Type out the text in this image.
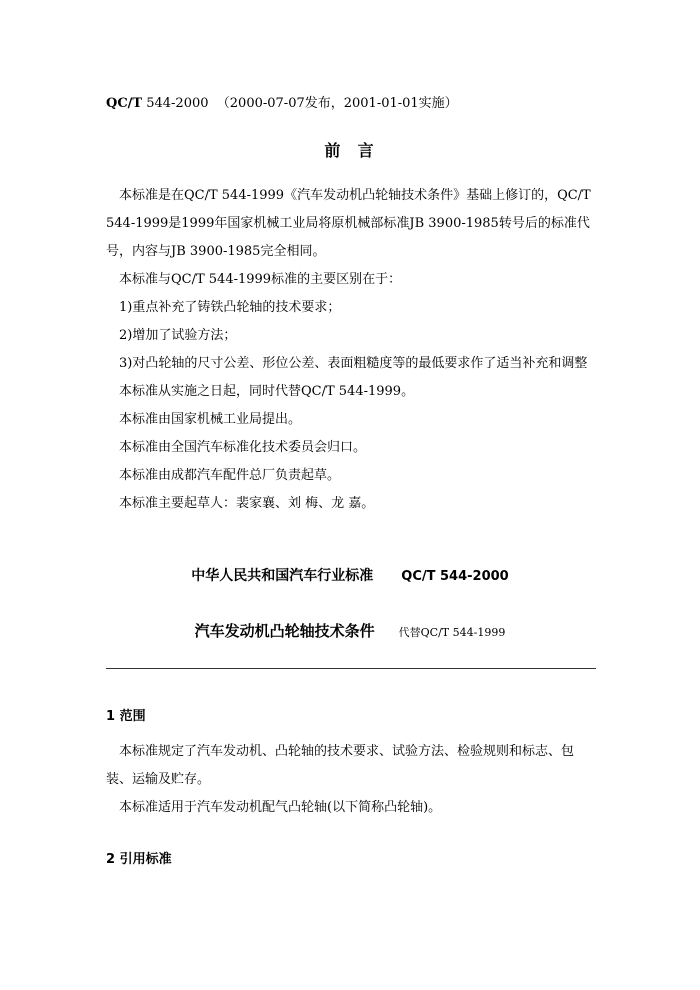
QC/T 544-2000  （2000-07-07发布，2001-01-01实施）
前  言

本标准是在QC/T 544-1999《汽车发动机凸轮轴技术条件》基础上修订的，QC/T 544-1999是1999年国家机械工业局将原机械部标准JB 3900-1985转号后的标准代号，内容与JB 3900-1985完全相同。

本标准与QC/T 544-1999标准的主要区别在于：

1)重点补充了铸铁凸轮轴的技术要求；

2)增加了试验方法；

3)对凸轮轴的尺寸公差、形位公差、表面粗糙度等的最低要求作了适当补充和调整

本标准从实施之日起，同时代替QC/T 544-1999。

本标准由国家机械工业局提出。

本标准由全国汽车标准化技术委员会归口。

本标准由成都汽车配件总厂负责起草。

本标准主要起草人：裴家襄、刘 梅、龙 嘉。

中华人民共和国汽车行业标准 QC/T 544-2000
汽车发动机凸轮轴技术条件 代替QC/T 544-1999
1 范围

本标准规定了汽车发动机、凸轮轴的技术要求、试验方法、检验规则和标志、包装、运输及贮存。

本标准适用于汽车发动机配气凸轮轴(以下简称凸轮轴)。

2 引用标准
